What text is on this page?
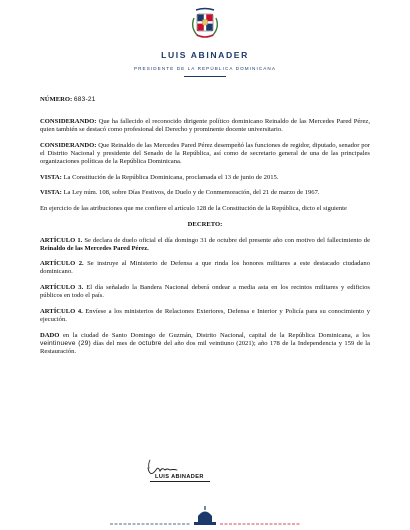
LUIS ABINADER
PRESIDENTE DE LA REPÚBLICA DOMINICANA

NÚMERO: 683-21

CONSIDERANDO: Que ha fallecido el reconocido dirigente político dominicano Reinaldo de las Mercedes Pared Pérez, quien también se destacó como profesional del Derecho y prominente docente universitario.

CONSIDERANDO: Que Reinaldo de las Mercedes Pared Pérez desempeñó las funciones de regidor, diputado, senador por el Distrito Nacional y presidente del Senado de la República, así como de secretario general de una de las principales organizaciones políticas de la República Dominicana.

VISTA: La Constitución de la República Dominicana, proclamada el 13 de junio de 2015.

VISTA: La Ley núm. 108, sobre Días Festivos, de Duelo y de Conmemoración, del 21 de marzo de 1967.

En ejercicio de las atribuciones que me confiere el artículo 128 de la Constitución de la República, dicto el siguiente

DECRETO:

ARTÍCULO 1. Se declara de duelo oficial el día domingo 31 de octubre del presente año con motivo del fallecimiento de Reinaldo de las Mercedes Pared Pérez.

ARTÍCULO 2. Se instruye al Ministerio de Defensa a que rinda los honores militares a este destacado ciudadano dominicano.

ARTÍCULO 3. El día señalado la Bandera Nacional deberá ondear a media asta en los recintos militares y edificios públicos en todo el país.

ARTÍCULO 4. Envíese a los ministerios de Relaciones Exteriores, Defensa e Interior y Policía para su conocimiento y ejecución.

DADO en la ciudad de Santo Domingo de Guzmán, Distrito Nacional, capital de la República Dominicana, a los veintinueve (29) días del mes de octubre del año dos mil veintiuno (2021); año 178 de la Independencia y 159 de la Restauración.

LUIS ABINADER
